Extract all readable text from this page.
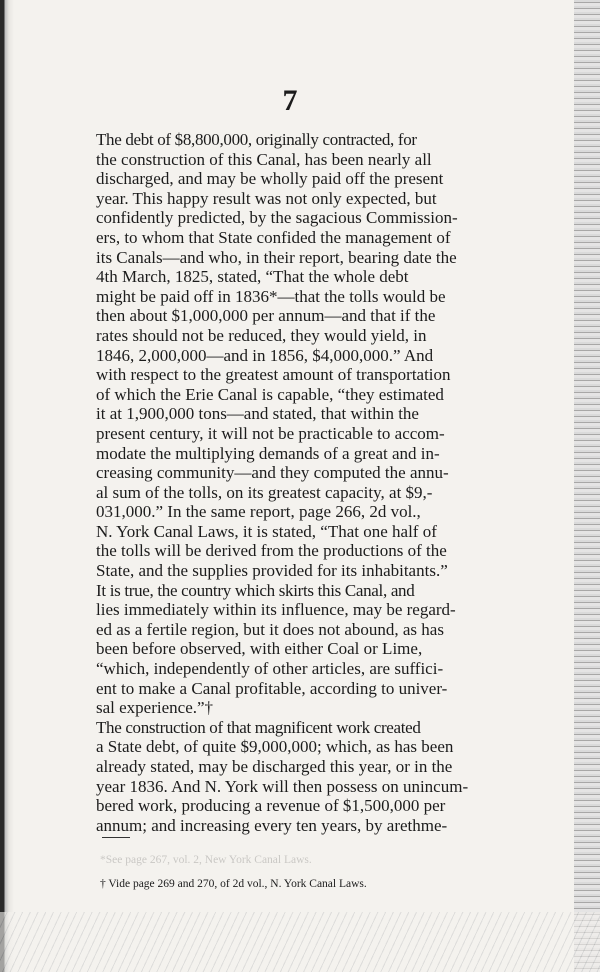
7

The debt of $8,800,000, originally contracted, for
the construction of this Canal, has been nearly all
discharged, and may be wholly paid off the present
year. This happy result was not only expected, but
confidently predicted, by the sagacious Commission-
ers, to whom that State confided the management of
its Canals—and who, in their report, bearing date the
4th March, 1825, stated, “That the whole debt
might be paid off in 1836*—that the tolls would be
then about $1,000,000 per annum—and that if the
rates should not be reduced, they would yield, in
1846, 2,000,000—and in 1856, $4,000,000.” And
with respect to the greatest amount of transportation
of which the Erie Canal is capable, “they estimated
it at 1,900,000 tons—and stated, that within the
present century, it will not be practicable to accom-
modate the multiplying demands of a great and in-
creasing community—and they computed the annu-
al sum of the tolls, on its greatest capacity, at $9,-
031,000.” In the same report, page 266, 2d vol.,
N. York Canal Laws, it is stated, “That one half of
the tolls will be derived from the productions of the
State, and the supplies provided for its inhabitants.”

It is true, the country which skirts this Canal, and
lies immediately within its influence, may be regard-
ed as a fertile region, but it does not abound, as has
been before observed, with either Coal or Lime,
“which, independently of other articles, are suffici-
ent to make a Canal profitable, according to univer-
sal experience.”†

The construction of that magnificent work created
a State debt, of quite $9,000,000; which, as has been
already stated, may be discharged this year, or in the
year 1836. And N. York will then possess on unincum-
bered work, producing a revenue of $1,500,000 per
annum; and increasing every ten years, by arethme-

*See page 267, vol. 2, New York Canal Laws.
† Vide page 269 and 270, of 2d vol., N. York Canal Laws.
